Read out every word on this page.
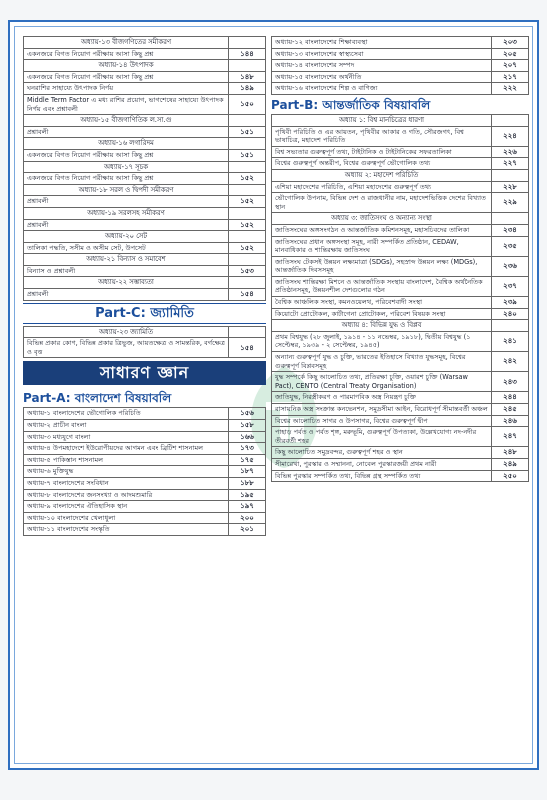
অধ্যায়-১৩ বীজগণিতের সমীকরণ	
একনজরে বিগত নিয়োগ পরীক্ষায় আসা কিছু প্রশ্ন	১৪৪
অধ্যায়-১৪ উৎপাদক	
একনজরে বিগত নিয়োগ পরীক্ষায় আসা কিছু প্রশ্ন	১৪৮
ঘনরাশির সাহায্যে উৎপাদক নির্ণয়	১৪৯
Middle Term Factor এ মধ্য রাশির প্রয়োগ, ভাগশেষের সাহায্যে উৎপাদক নির্ণয় এবং প্রশ্নাবলী	১৫০
অধ্যায়-১৫ বীজগাণিতিক ল.সা.গু	
প্রশ্নাবলী	১৫১
অধ্যায়-১৬ লগারিদম	
একনজরে বিগত নিয়োগ পরীক্ষায় আসা কিছু প্রশ্ন	১৫১
অধ্যায়-১৭ সূচক	
একনজরে বিগত নিয়োগ পরীক্ষায় আসা কিছু প্রশ্ন	১৫২
অধ্যায়-১৮ সরল ও দ্বিপদী সমীকরণ	
প্রশ্নাবলী	১৫২
অধ্যায়-১৯ সরলসহ সমীকরণ	
প্রশ্নাবলী	১৫২
অধ্যায়-২০ সেট	
তালিকা পদ্ধতি, সসীম ও অসীম সেট, উপসেট	১৫২
অধ্যায়-২১ বিন্যাস ও সমাবেশ	
বিন্যাস ও প্রশ্নাবলী	১৫৩
অধ্যায়-২২ সম্ভাব্যতা	
প্রশ্নাবলী	১৫৪
Part-C: জ্যামিতি
অধ্যায়-২৩ জ্যামিতি	
বিভিন্ন প্রকার কোণ, বিভিন্ন প্রকার ত্রিভুজ, আয়তক্ষেত্র ও সামন্তরিক, বর্গক্ষেত্র ও বৃত্ত	১৫৪
সাধারণ জ্ঞান
Part-A: বাংলাদেশ বিষয়াবলি
অধ্যায়-১ বাংলাদেশের ভৌগোলিক পরিচিতি	১৫৬
অধ্যায়-২ প্রাচীন বাংলা	১৫৮
অধ্যায়-৩ মধ্যযুগে বাংলা	১৬৬
অধ্যায়-৪ উপমহাদেশে ইউরোপীয়দের আগমন এবং ব্রিটিশ শাসনামল	১৭৩
অধ্যায়-৫ পাকিস্তান শাসনামল	১৭৫
অধ্যায়-৬ মুক্তিযুদ্ধ	১৮৭
অধ্যায়-৭ বাংলাদেশের সংবিধান	১৮৮
অধ্যায়-৮ বাংলাদেশের জনসংখ্যা ও আদমশুমারি	১৯৫
অধ্যায়-৯ বাংলাদেশের ঐতিহাসিক স্থান	১৯৭
অধ্যায়-১০ বাংলাদেশের খেলাধুলা	২০০
অধ্যায়-১১ বাংলাদেশের সংস্কৃতি	২০১
অধ্যায়-১২ বাংলাদেশের শিক্ষাব্যবস্থা	২০৩
অধ্যায়-১৩ বাংলাদেশের স্বাস্থ্যসেবা	২০৫
অধ্যায়-১৪ বাংলাদেশের সম্পদ	২০৭
অধ্যায়-১৫ বাংলাদেশের অর্থনীতি	২১৭
অধ্যায়-১৬ বাংলাদেশের শিল্প ও বাণিজ্য	২২২
Part-B: আন্তর্জাতিক বিষয়াবলি
অধ্যায় ১: বিশ্ব মানচিত্রের ধারণা	
পৃথিবী পরিচিতি ও এর আয়তন, পৃথিবীর আকার ও গতি, সৌরজগৎ, বিশ্ব ভাষাচিত্র, মহাদেশ পরিচিতি	২২৪
বিশ্ব সভ্যতার গুরুত্বপূর্ণ তথ্য, টাইটানিক ও টাইটানিকের সফরতালিকা	২২৬
বিশ্বের গুরুত্বপূর্ণ অন্তরীপ, বিশ্বের গুরুত্বপূর্ণ ভৌগোলিক তথ্য	২২৭
অধ্যায় ২: মহাদেশ পরিচিতি	
এশিয়া মহাদেশের পরিচিতি, এশিয়া মহাদেশের গুরুত্বপূর্ণ তথ্য	২২৮
ভৌগোলিক উপনাম, বিভিন্ন দেশ ও রাজধানীর নাম, মহাদেশভিত্তিক দেশের বিখ্যাত স্থান	২২৯
অধ্যায় ৩: জাতিসংঘ ও অন্যান্য সংস্থা	
জাতিসংঘের অঙ্গসংগঠন ও আন্তর্জাতিক কমিশনসমূহ, মহাসচিবদের তালিকা	২৩৪
জাতিসংঘের প্রধান অঙ্গসংস্থা সমূহ, নারী সম্পর্কিত প্রতিষ্ঠান, CEDAW, মানবাধিকার ও শান্তিরক্ষায় জাতিসংঘ	২৩৫
জাতিসংঘ টেকসই উন্নয়ন লক্ষ্যমাত্রা (SDGs), সহস্রাব্দ উন্নয়ন লক্ষ্য (MDGs), আন্তর্জাতিক দিবসসমূহ	২৩৬
জাতিসংঘ শান্তিরক্ষা মিশনে ও আন্তর্জাতিক সংস্থায় বাংলাদেশ, বৈশ্বিক অর্থনৈতিক প্রতিষ্ঠানসমূহ, উন্নয়নশীল দেশগুলোর গঠন	২৩৭
বৈশ্বিক আঞ্চলিক সংস্থা, কমনওয়েলথ, পরিবেশবাদী সংস্থা	২৩৯
কিয়োটো প্রোটোকল, কার্টাগেনা প্রোটোকল, পরিবেশ বিষয়ক সংস্থা	২৪০
অধ্যায় ৪: বিভিন্ন যুদ্ধ ও বিপ্লব	
প্রথম বিশ্বযুদ্ধ (২৮ জুলাই, ১৯১৪ - ১১ নভেম্বর, ১৯১৮), দ্বিতীয় বিশ্বযুদ্ধ (১ সেপ্টেম্বর, ১৯৩৯ - ২ সেপ্টেম্বর, ১৯৪৫)	২৪১
অন্যান্য গুরুত্বপূর্ণ যুদ্ধ ও চুক্তি, ভারতের ইতিহাসে বিখ্যাত যুদ্ধসমূহ, বিশ্বের গুরুত্বপূর্ণ বিপ্লবসমূহ	২৪২
যুদ্ধ সম্পর্কে কিছু আলোচিত তথ্য, প্রতিরক্ষা চুক্তি, ওয়ারশ চুক্তি (Warsaw Pact), CENTO (Central Treaty Organisation)	২৪৩
জাতিযুদ্ধ, নিরস্ত্রীকরণ ও পারমাণবিক অস্ত্র নিয়ন্ত্রণ চুক্তি	২৪৪
রাসায়নিক অস্ত্র সংক্রান্ত কনভেনশন, সমুদ্রসীমা আইন, বিরোধপূর্ণ সীমান্তবর্তী অঞ্চল	২৪৫
বিশ্বের আলোচিত সাগর ও উপসাগর, বিশ্বের গুরুত্বপূর্ণ দ্বীপ	২৪৬
পাহাড় পর্বত ও পর্বত শৃঙ্গ, মরুভূমি, গুরুত্বপূর্ণ উপত্যকা, উল্লেখযোগ্য নদ-নদীর তীরবর্তী শহর	২৪৭
কিছু আলোচিত সমুদ্রবন্দর, গুরুত্বপূর্ণ শহর ও স্থান	২৪৮
সীমারেখা, পুরস্কার ও সম্মাননা, নোবেল পুরস্কারজয়ী প্রথম নারী	২৪৯
বিভিন্ন পুরস্কার সম্পর্কিত তথ্য, বিভিন্ন গ্রন্থ সম্পর্কিত তথ্য	২৫০
